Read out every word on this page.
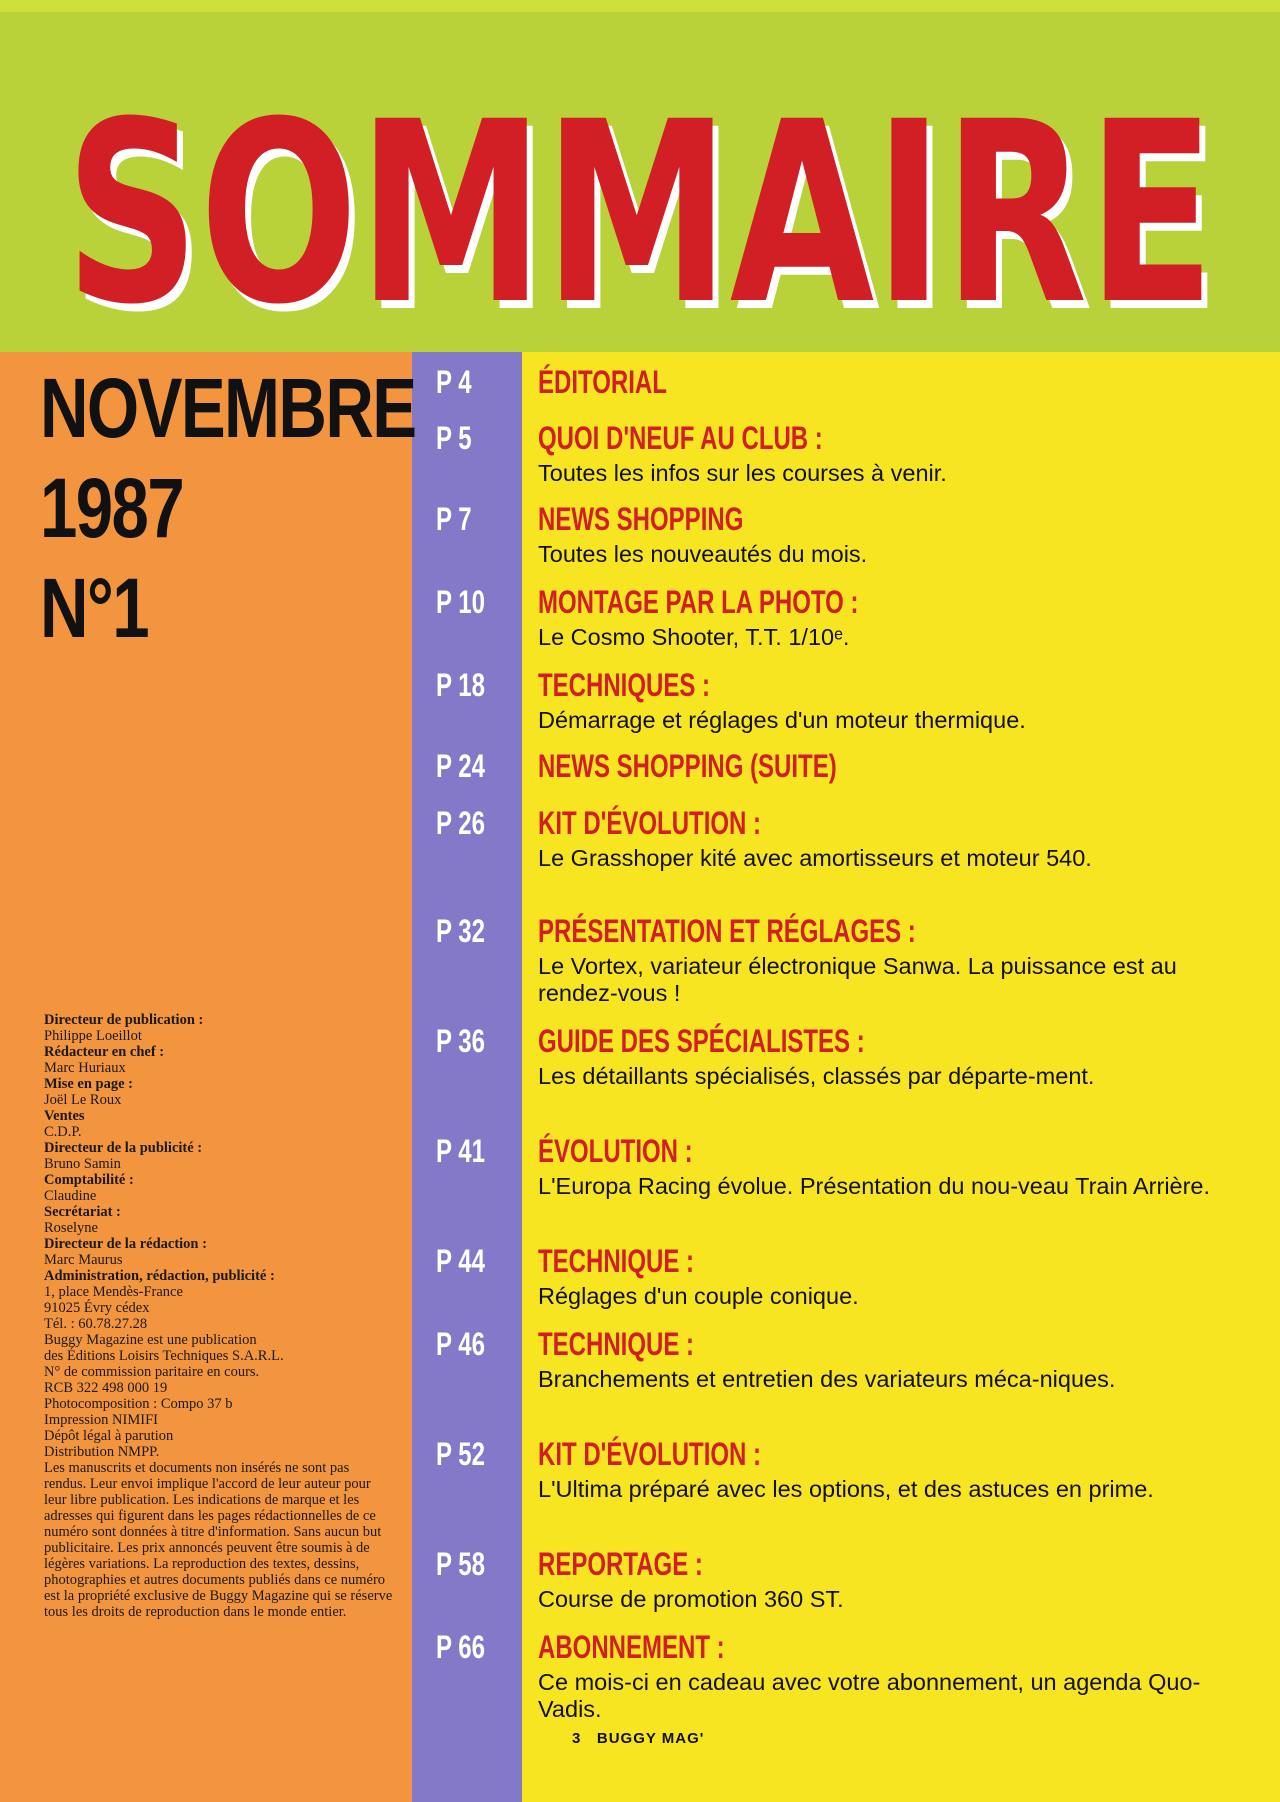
SOMMAIRE
SOMMAIRE
NOVEMBRE
1987
N°1
Directeur de publication :
Philippe Loeillot
Rédacteur en chef :
Marc Huriaux
Mise en page :
Joël Le Roux
Ventes
C.D.P.
Directeur de la publicité :
Bruno Samin
Comptabilité :
Claudine
Secrétariat :
Roselyne
Directeur de la rédaction :
Marc Maurus
Administration, rédaction, publicité :
1, place Mendès-France
91025 Évry cédex
Tél. : 60.78.27.28
Buggy Magazine est une publication
des Éditions Loisirs Techniques S.A.R.L.
N° de commission paritaire en cours.
RCB 322 498 000 19
Photocomposition : Compo 37 b
Impression NIMIFI
Dépôt légal à parution
Distribution NMPP.
Les manuscrits et documents non insérés ne sont pas rendus. Leur envoi implique l'accord de leur auteur pour leur libre publication. Les indications de marque et les adresses qui figurent dans les pages rédactionnelles de ce numéro sont données à titre d'information. Sans aucun but publicitaire. Les prix annoncés peuvent être soumis à de légères variations. La reproduction des textes, dessins, photographies et autres documents publiés dans ce numéro est la propriété exclusive de Buggy Magazine qui se réserve tous les droits de reproduction dans le monde entier.
P 4 ÉDITORIAL
P 5 QUOI D'NEUF AU CLUB :
Toutes les infos sur les courses à venir.
P 7 NEWS SHOPPING
Toutes les nouveautés du mois.
P 10 MONTAGE PAR LA PHOTO :
Le Cosmo Shooter, T.T. 1/10ᵉ.
P 18 TECHNIQUES :
Démarrage et réglages d'un moteur thermique.
P 24 NEWS SHOPPING (SUITE)
P 26 KIT D'ÉVOLUTION :
Le Grasshoper kité avec amortisseurs et moteur 540.
P 32 PRÉSENTATION ET RÉGLAGES :
Le Vortex, variateur électronique Sanwa. La puissance est au rendez-vous !
P 36 GUIDE DES SPÉCIALISTES :
Les détaillants spécialisés, classés par départe-ment.
P 41 ÉVOLUTION :
L'Europa Racing évolue. Présentation du nou-veau Train Arrière.
P 44 TECHNIQUE :
Réglages d'un couple conique.
P 46 TECHNIQUE :
Branchements et entretien des variateurs méca-niques.
P 52 KIT D'ÉVOLUTION :
L'Ultima préparé avec les options, et des astuces en prime.
P 58 REPORTAGE :
Course de promotion 360 ST.
P 66 ABONNEMENT :
Ce mois-ci en cadeau avec votre abonnement, un agenda Quo-Vadis.
3 BUGGY MAG'
